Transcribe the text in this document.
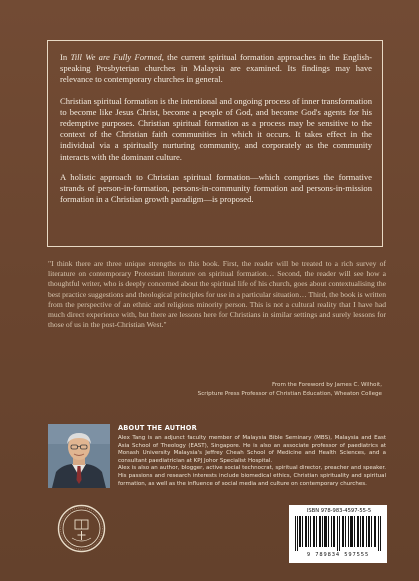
In Till We are Fully Formed, the current spiritual formation approaches in the English-speaking Presbyterian churches in Malaysia are examined. Its findings may have relevance to contemporary churches in general.

Christian spiritual formation is the intentional and ongoing process of inner transformation to become like Jesus Christ, become a people of God, and become God's agents for his redemptive purposes. Christian spiritual formation as a process may be sensitive to the context of the Christian faith communities in which it occurs. It takes effect in the individual via a spiritually nurturing community, and corporately as the community interacts with the dominant culture.

A holistic approach to Christian spiritual formation—which comprises the formative strands of person-in-formation, persons-in-community formation and persons-in-mission formation in a Christian growth paradigm—is proposed.

"I think there are three unique strengths to this book. First, the reader will be treated to a rich survey of literature on contemporary Protestant literature on spiritual formation… Second, the reader will see how a thoughtful writer, who is deeply concerned about the spiritual life of his church, goes about contextualising the best practice suggestions and theological principles for use in a particular situation… Third, the book is written from the perspective of an ethnic and religious minority person. This is not a cultural reality that I have had much direct experience with, but there are lessons here for Christians in similar settings and surely lessons for those of us in the post-Christian West."
From the Foreword by James C. Wilhoit,
Scripture Press Professor of Christian Education, Wheaton College
ABOUT THE AUTHOR

Alex Tang is an adjunct faculty member of Malaysia Bible Seminary (MBS), Malaysia and East Asia School of Theology (EAST), Singapore. He is also an associate professor of paediatrics at Monash University Malaysia's Jeffrey Cheah School of Medicine and Health Sciences, and a consultant paediatrician at KPJ Johor Specialist Hospital.

Alex is also an author, blogger, active social technocrat, spiritual director, preacher and speaker. His passions and research interests include biomedical ethics, Christian spirituality and spiritual formation, as well as the influence of social media and culture on contemporary churches.

ISBN 978-983-4597-55-5
9 789834 597555
